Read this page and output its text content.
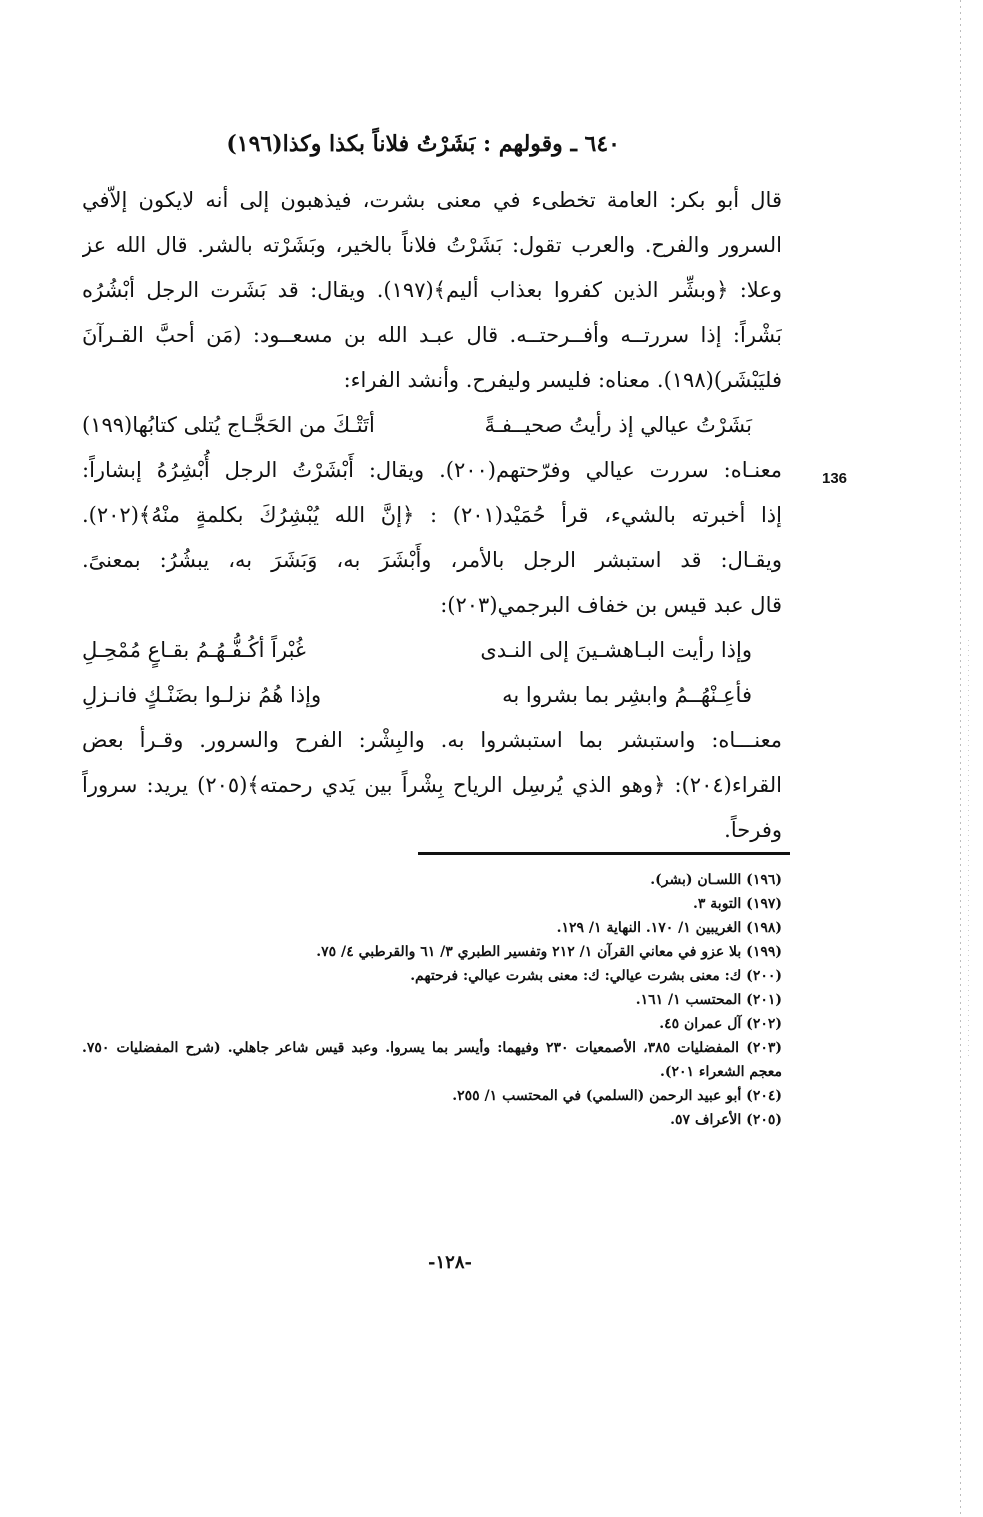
٦٤٠ ـ وقولهم : بَشَرْتُ فلاناً بكذا وكذا(١٩٦)
قال أبو بكر: العامة تخطىء في معنى بشرت، فيذهبون إلى أنه لايكون إلاّفي
السرور والفرح. والعرب تقول: بَشَرْتُ فلاناً بالخير، وبَشَرْته بالشر. قال الله عز
وعلا: ﴿وبشِّر الذين كفروا بعذاب أليم﴾(١٩٧). ويقال: قد بَشَرت الرجل أبْشُرُه
بَشْراً: إذا سررتــه وأفــرحتــه. قال عبـد الله بن مسعــود: (مَن أحبَّ القـرآنَ
فليَبْشَر)(١٩٨). معناه: فليسر وليفرح. وأنشد الفراء:
بَشَرْتُ عيالي إذ رأيتُ صحيــفـةً
أتَتْـكَ من الحَجَّـاج يُتلى كتابُها(١٩٩)
معنـاه: سررت عيالي وفرّحتهم(٢٠٠). ويقال: أَبْشَرْتُ الرجل أُبْشِرُهُ إبشاراً:
إذا أخبرته بالشيء، قرأ حُمَيْد(٢٠١) : ﴿إنَّ الله يُبْشِرُكَ بكلمةٍ منْهُ﴾(٢٠٢).
ويقـال: قد استبشر الرجل بالأمر، وأَبْشَرَ به، وَبَشَرَ به، يبشُرُ: بمعنىً.
قال عبد قيس بن خفاف البرجمي(٢٠٣):
وإذا رأيت البـاهشـينَ إلى النـدى
غُبْراً أكُـفُّـهُـمُ بقـاعٍ مُمْحِـلِ
فأعِـنْهُــمُ وابشِر بما بشروا به
وإذا هُمُ نزلـوا بضَنْـكٍ فانـزلِ
معنـــاه: واستبشر بما استبشروا به. والبِشْر: الفرح والسرور. وقـرأ بعض
القراء(٢٠٤): ﴿وهو الذي يُرسِل الرياح بِشْراً بين يَدي رحمته﴾(٢٠٥) يريد: سروراً
وفرحاً.
136
(١٩٦) اللسـان (بشر).
(١٩٧) التوبة ٣.
(١٩٨) الغريبين ١/ ١٧٠. النهاية ١/ ١٢٩.
(١٩٩) بلا عزو في معاني القرآن ١/ ٢١٢ وتفسير الطبري ٣/ ٦١ والقرطبي ٤/ ٧٥.
(٢٠٠) ك: معنى بشرت عيالي: ك: معنى بشرت عيالي: فرحتهم.
(٢٠١) المحتسب ١/ ١٦١.
(٢٠٢) آل عمران ٤٥.
(٢٠٣) المفضليات ٣٨٥، الأصمعيات ٢٣٠ وفيهما: وأيسر بما يسروا. وعبد قيس شاعر جاهلي. (شرح المفضليات ٧٥٠. معجم الشعراء ٢٠١).
(٢٠٤) أبو عبيد الرحمن (السلمي) في المحتسب ١/ ٢٥٥.
(٢٠٥) الأعراف ٥٧.
-١٢٨-
